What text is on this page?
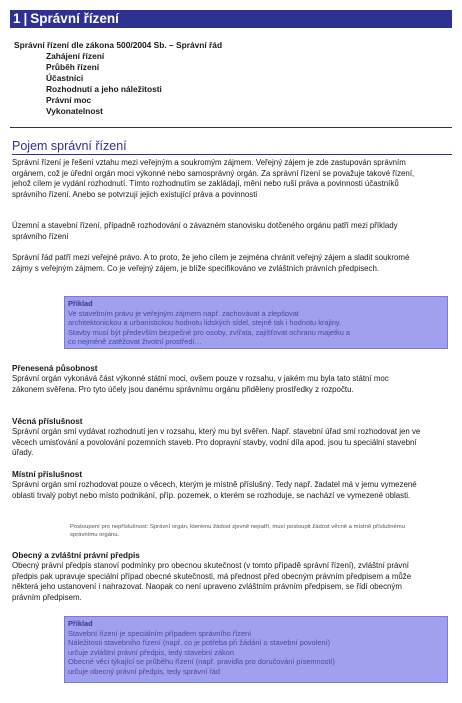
1 | Správní řízení
Správní řízení dle zákona 500/2004 Sb. – Správní řád
Zahájení řízení
Průběh řízení
Účastníci
Rozhodnutí a jeho náležitosti
Právní moc
Vykonatelnost
Pojem správní řízení
Správní řízení je řešení vztahu mezi veřejným a soukromým zájmem. Veřejný zájem je zde zastupován správním orgánem, což je úřední orgán moci výkonné nebo samosprávný orgán. Za správní řízení se považuje takové řízení, jehož cílem je vydání rozhodnutí. Tímto rozhodnutím se zakládají, mění nebo ruší práva a povinnosti účastníků správního řízení. Anebo se potvrzují jejich existující práva a povinnosti
Územní a stavební řízení, případně rozhodování o závazném stanovisku dotčeného orgánu patří mezi příklady správního řízení
Správní řád patří mezi veřejné právo. A to proto, že jeho cílem je zejména chránit veřejný zájem a sladit soukromé zájmy s veřejným zájmem. Co je veřejný zájem, je blíže specifikováno ve zvláštních právních předpisech.
Příklad
Ve stavebním právu je veřejným zájmem např. zachovávat a zlepšovat
architektonickou a urbanistickou hodnotu lidských sídel, stejně tak i hodnotu krajiny.
Stavby musí být především bezpečné pro osoby, zvířata, zajišťovat ochranu majetku a
co nejméně zatěžovat životní prostředí…
Přenesená působnost
Správní orgán vykonává část výkonné státní moci, ovšem pouze v rozsahu, v jakém mu byla tato státní moc zákonem svěřena. Pro tyto účely jsou danému správnímu orgánu přiděleny prostředky z rozpočtu.
Věcná příslušnost
Správní orgán smí vydávat rozhodnutí jen v rozsahu, který mu byl svěřen. Např. stavební úřad smí rozhodovat jen ve věcech umisťování a povolování pozemních staveb. Pro dopravní stavby, vodní díla apod. jsou tu speciální stavební úřady.
Místní příslušnost
Správní orgán smí rozhodovat pouze o věcech, kterým je místně příslušný. Tedy např. žadatel má v jemu vymezené oblasti trvalý pobyt nebo místo podnikání, příp. pozemek, o kterém se rozhoduje, se nachází ve vymezené oblasti.
Postoupení pro nepříslušnost: Správní orgán, kterému žádost zjevně nepatří, musí postoupit žádost věcně a místně příslušnému správnímu orgánu.
Obecný a zvláštní právní předpis
Obecný právní předpis stanoví podmínky pro obecnou skutečnost (v tomto případě správní řízení), zvláštní právní předpis pak upravuje speciální případ obecné skutečnosti, má přednost před obecným právním předpisem a může některá jeho ustanovení i nahrazovat. Naopak co není upraveno zvláštním právním předpisem, se řídí obecným právním předpisem.
Příklad
Stavební řízení je speciálním případem správního řízení
Náležitosti stavebního řízení (např. co je potřeba při žádání o stavební povolení)
určuje zvláštní právní předpis, tedy stavební zákon
Obecné věci týkající se průběhu řízení (např. pravidla pro doručování písemností)
určuje obecný právní předpis, tedy správní řád
